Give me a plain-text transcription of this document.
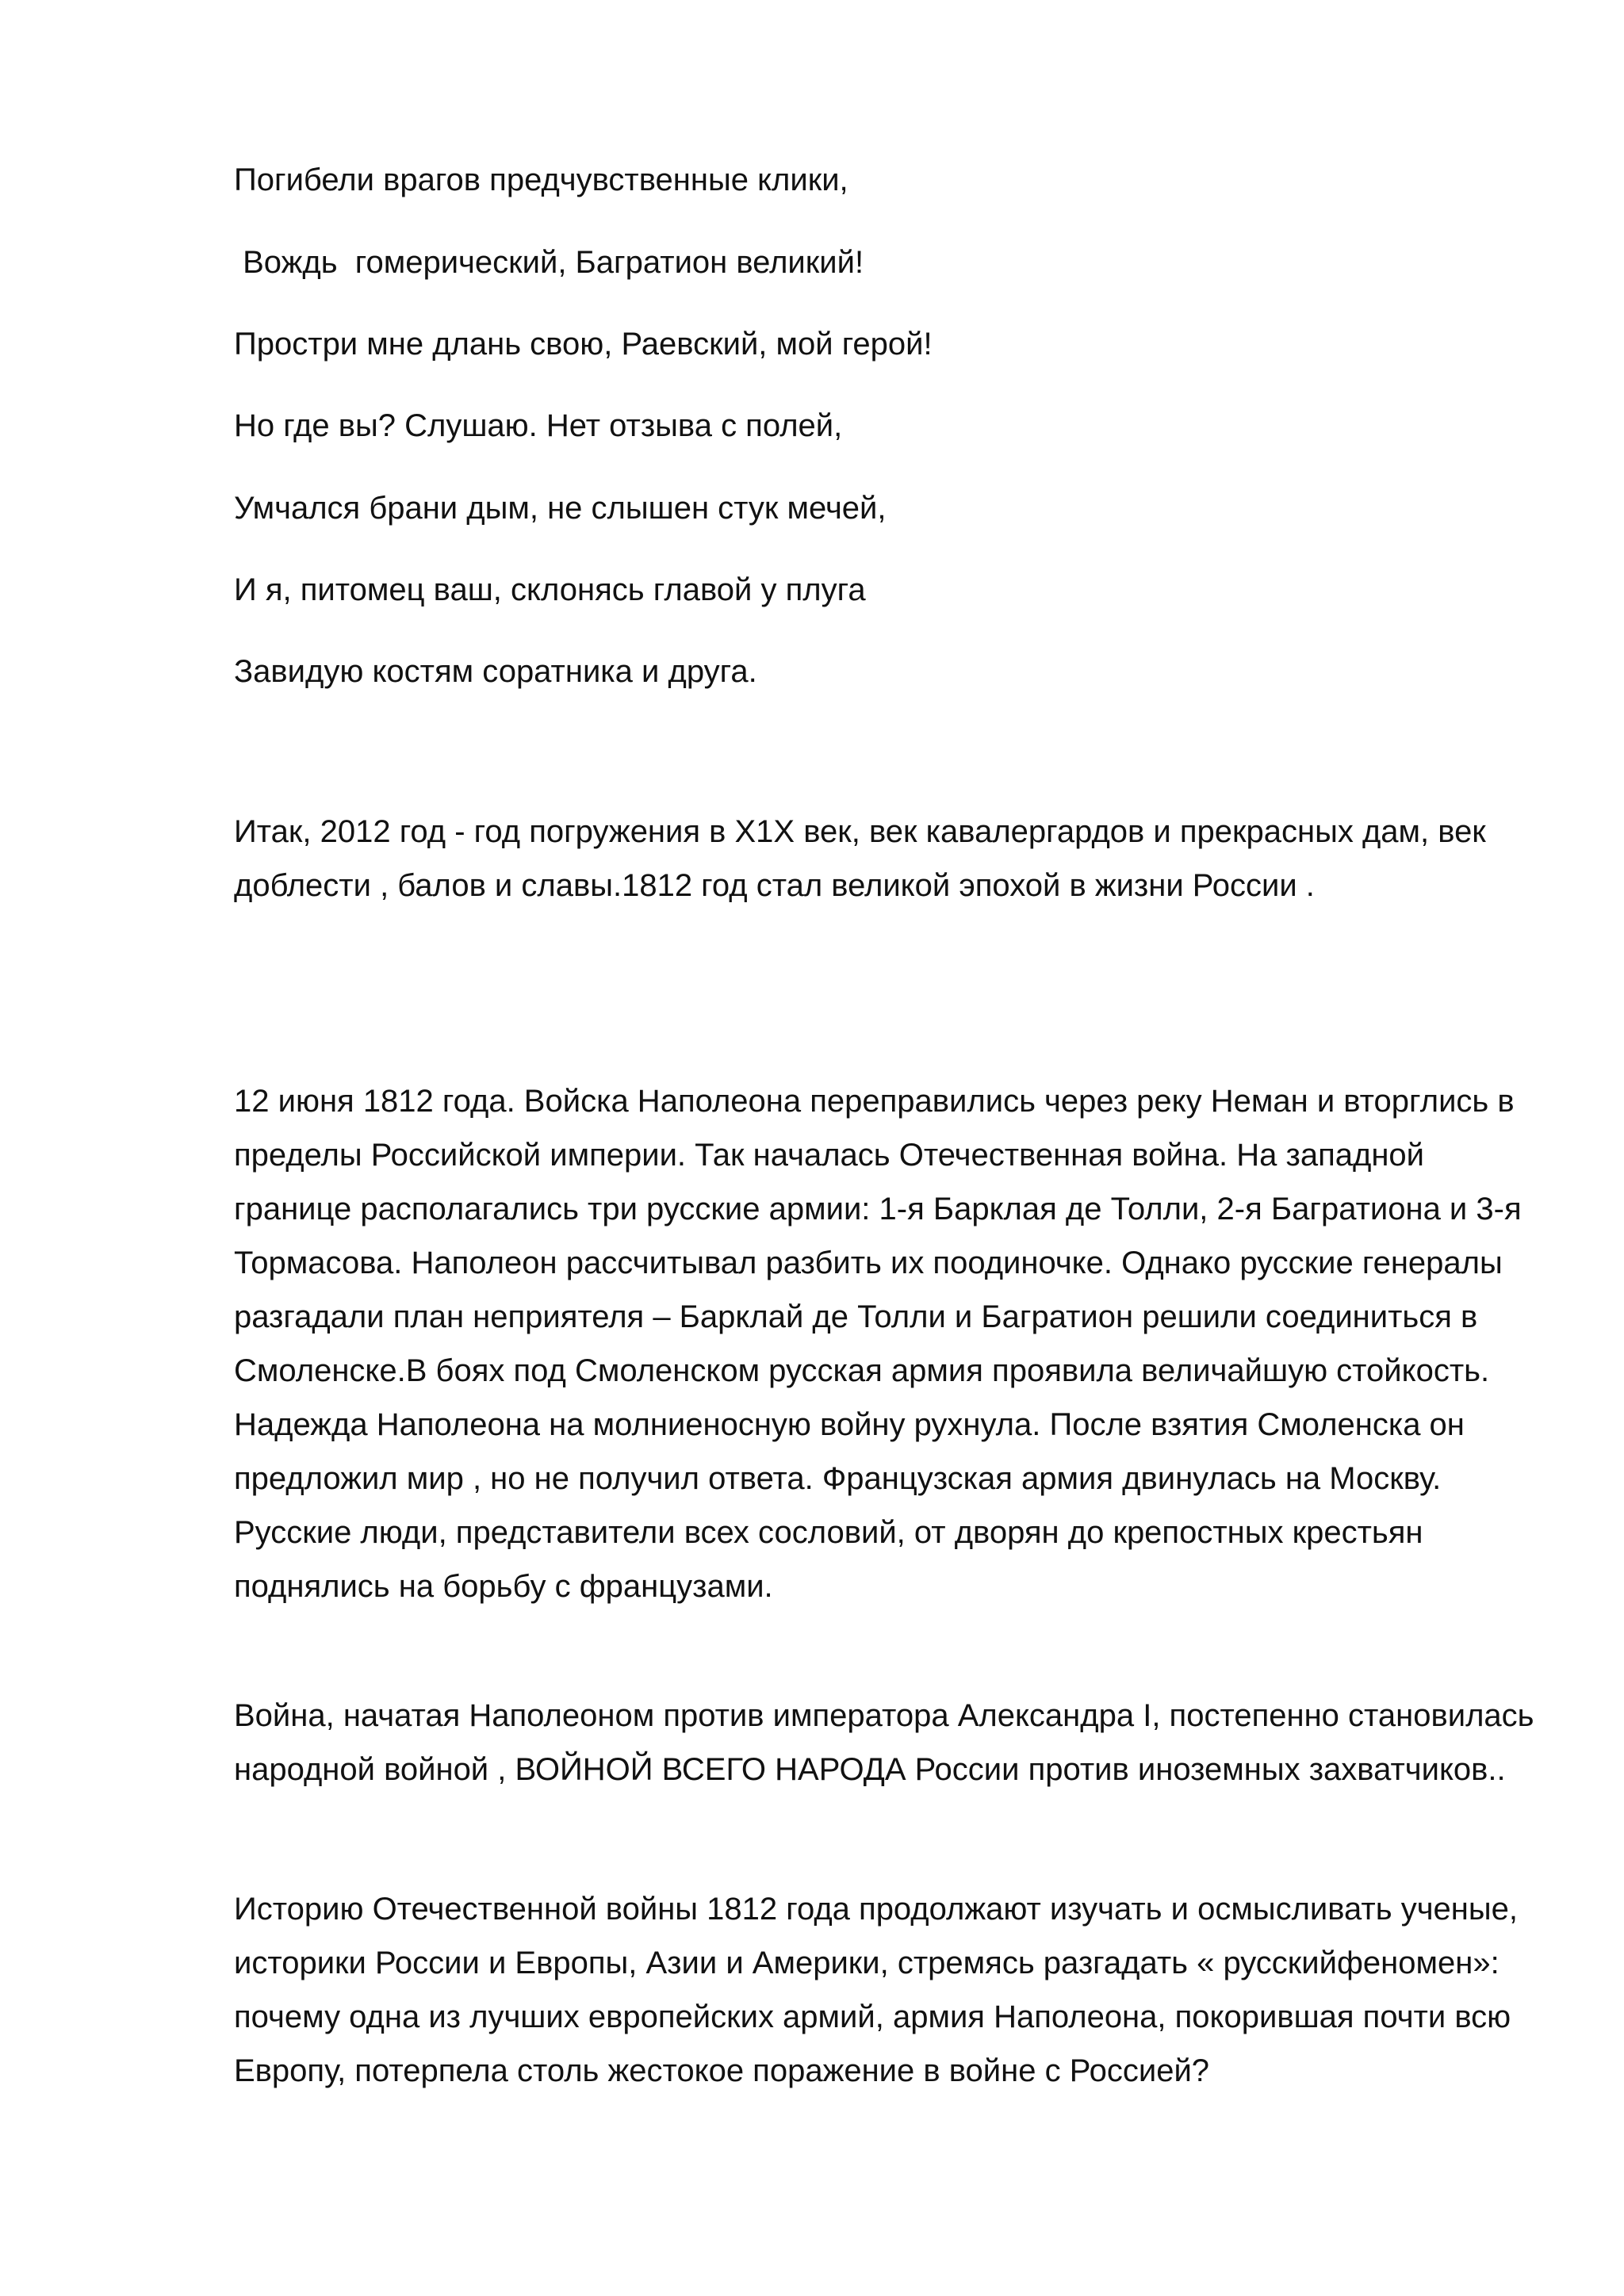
Погибели врагов предчувственные клики,
Вождь  гомерический, Багратион великий!
Простри мне длань свою, Раевский, мой герой!
Но где вы? Слушаю. Нет отзыва с полей,
Умчался брани дым, не слышен стук мечей,
И я, питомец ваш, склонясь главой у плуга
Завидую костям соратника и друга.

Итак, 2012 год - год погружения в Х1Х век, век кавалергардов и прекрасных дам, век доблести , балов и славы.1812 год стал великой эпохой в жизни России .

12 июня 1812 года. Войска Наполеона переправились через реку Неман и вторглись в пределы Российской империи. Так началась Отечественная война. На западной границе располагались три русские армии: 1-я Барклая де Толли, 2-я Багратиона и 3-я Тормасова. Наполеон рассчитывал разбить их поодиночке. Однако русские генералы разгадали план неприятеля – Барклай де Толли и Багратион решили соединиться в Смоленске.В боях под Смоленском русская армия проявила величайшую стойкость. Надежда Наполеона на молниеносную войну рухнула. После взятия Смоленска он предложил мир , но не получил ответа. Французская армия двинулась на Москву. Русские люди, представители всех сословий, от дворян до крепостных крестьян поднялись на борьбу с французами.

Война, начатая Наполеоном против императора Александра I, постепенно становилась народной войной , ВОЙНОЙ ВСЕГО НАРОДА России против иноземных захватчиков..

Историю Отечественной войны 1812 года продолжают изучать и осмысливать ученые, историки России и Европы, Азии и Америки, стремясь разгадать « русскийфеномен»: почему одна из лучших европейских армий, армия Наполеона, покорившая почти всю Европу, потерпела столь жестокое поражение в войне с Россией?
